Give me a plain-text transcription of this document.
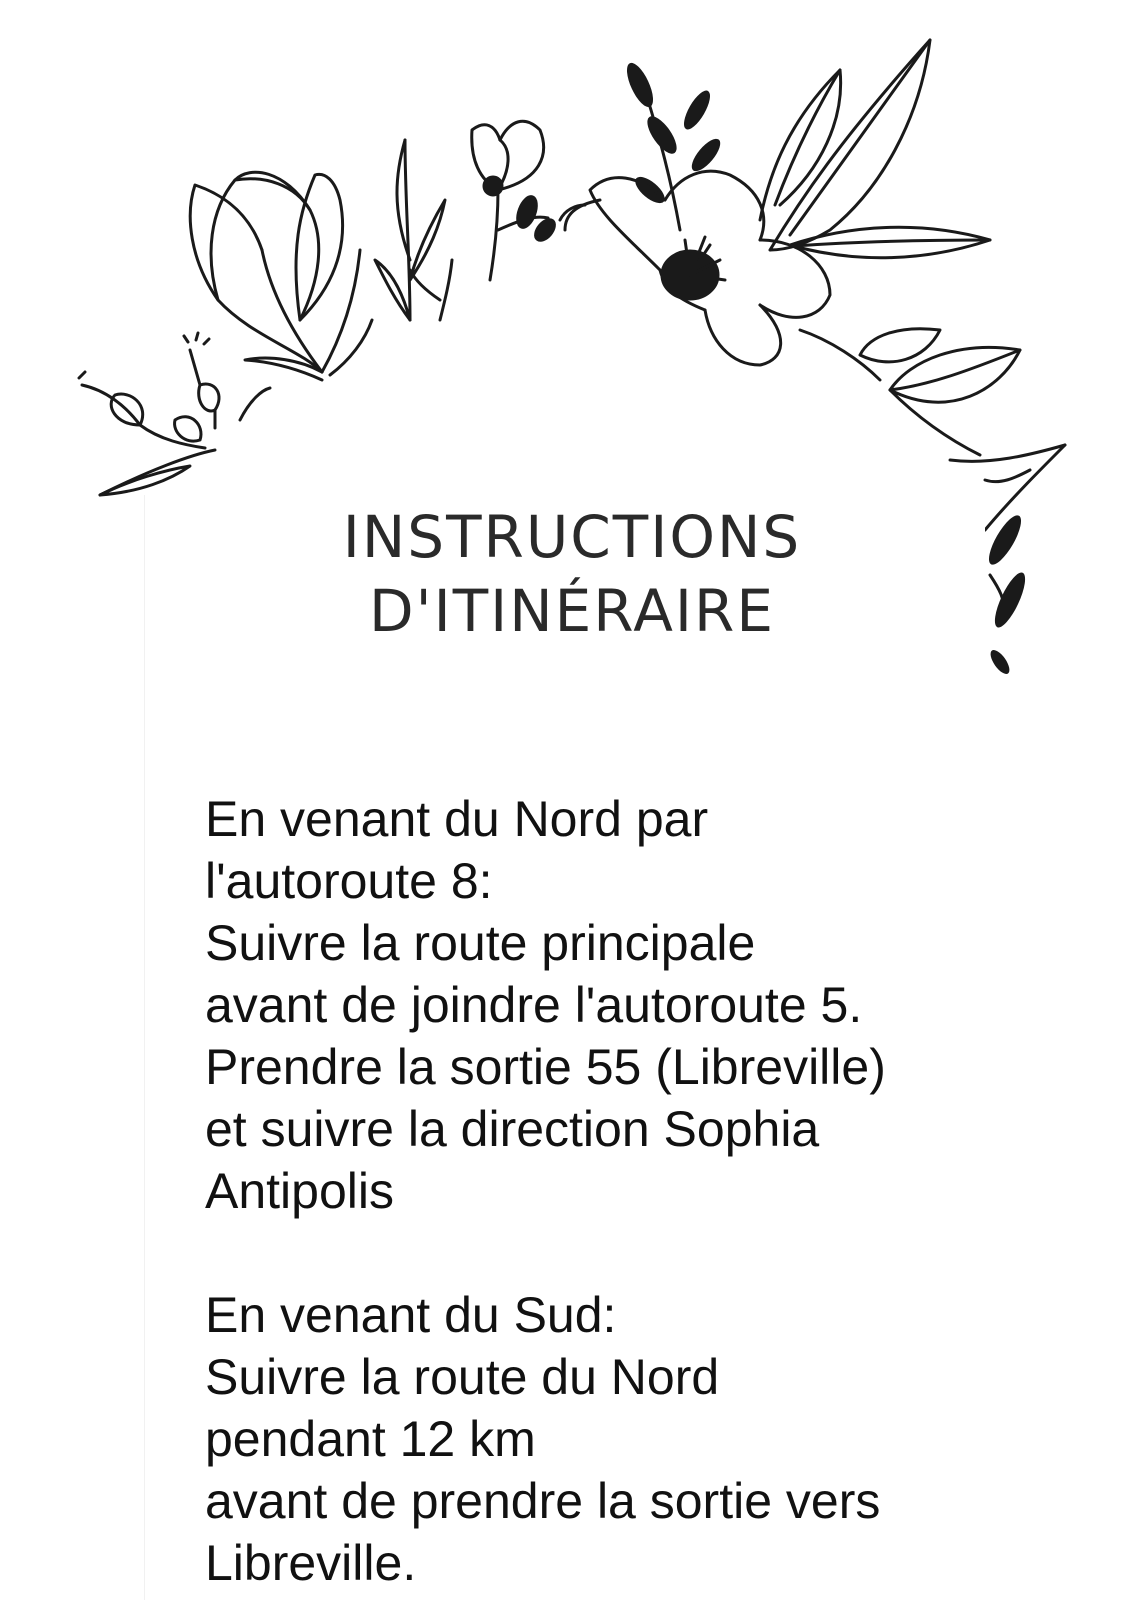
INSTRUCTIONS
D'ITINÉRAIRE
En venant du Nord par
l'autoroute 8:
Suivre la route principale
avant de joindre l'autoroute 5.
Prendre la sortie 55 (Libreville)
et suivre la direction Sophia
Antipolis
En venant du Sud:
Suivre la route du Nord
pendant 12 km
avant de prendre la sortie vers
Libreville.
